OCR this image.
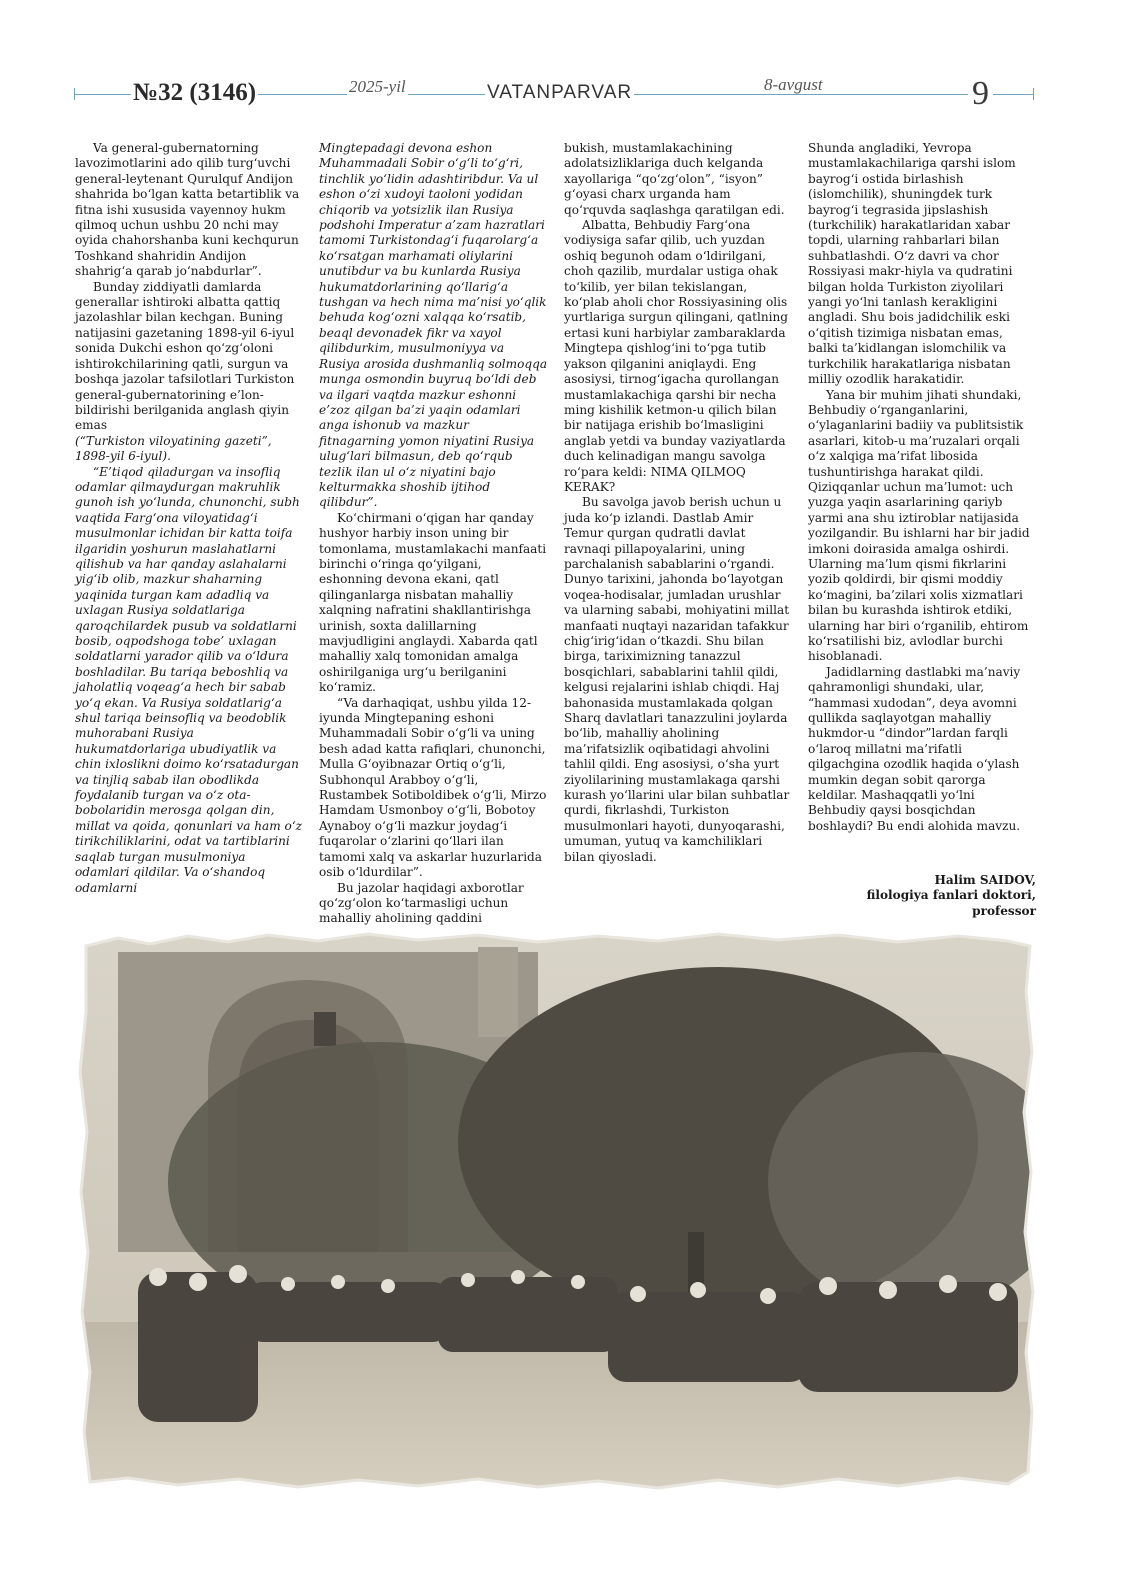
№32 (3146)	2025-yil	VATANPARVAR	8-avgust	9

Va general-gubernatorning lavozimotlarini ado qilib turg‘uvchi general-leytenant Qurulquf Andijon shahrida bo‘lgan katta betartiblik va fitna ishi xususida vayennoy hukm qilmoq uchun ushbu 20 nchi may oyida chahorshanba kuni kechqurun Toshkand shahridin Andijon shahrig‘a qarab jo‘nabdurlar”.

Bunday ziddiyatli damlarda generallar ishtiroki albatta qattiq jazolashlar bilan kechgan. Buning natijasini gazetaning 1898-yil 6-iyul sonida Dukchi eshon qo‘zg‘oloni ishtirokchilarining qatli, surgun va boshqa jazolar tafsilotlari Turkiston general-gubernatorining e’lon-bildirishi berilganida anglash qiyin emas

(“Turkiston viloyatining gazeti”, 1898-yil 6-iyul).

“E’tiqod qiladurgan va insofliq odamlar qilmaydurgan makruhlik gunoh ish yo‘lunda, chunonchi, subh vaqtida Farg‘ona viloyatidag‘i musulmonlar ichidan bir katta toifa ilgaridin yoshurun maslahatlarni qilishub va har qanday aslahalarni yig‘ib olib, mazkur shaharning yaqinida turgan kam adadliq va uxlagan Rusiya soldatlariga qaroqchilardek pusub va soldatlarni bosib, oqpodshoga tobe’ uxlagan soldatlarni yarador qilib va o‘ldura boshladilar. Bu tariqa beboshliq va jaholatliq voqeag‘a hech bir sabab yo‘q ekan. Va Rusiya soldatlarig‘a shul tariqa beinsofliq va beodoblik muhorabani Rusiya hukumatdorlariga ubudiyatlik va chin ixloslikni doimo ko‘rsatadurgan va tinjliq sabab ilan obodlikda foydalanib turgan va o‘z ota-bobolaridin merosga qolgan din, millat va qoida, qonunlari va ham o‘z tirikchiliklarini, odat va tartiblarini saqlab turgan musulmoniya odamlari qildilar. Va o‘shandoq odamlarni

Mingtepadagi devona eshon Muhammadali Sobir o‘g‘li to‘g‘ri, tinchlik yo‘lidin adashtiribdur. Va ul eshon o‘zi xudoyi taoloni yodidan chiqorib va yotsizlik ilan Rusiya podshohi Imperatur a’zam hazratlari tamomi Turkistondag‘i fuqarolarg‘a ko‘rsatgan marhamati oliylarini unutibdur va bu kunlarda Rusiya hukumatdorlarining qo‘llarig‘a tushgan va hech nima ma’nisi yo‘qlik behuda kog‘ozni xalqqa ko‘rsatib, beaql devonadek fikr va xayol qilibdurkim, musulmoniyya va Rusiya arosida dushmanliq solmoqqa munga osmondin buyruq bo‘ldi deb va ilgari vaqtda mazkur eshonni e’zoz qilgan ba’zi yaqin odamlari anga ishonub va mazkur fitnagarning yomon niyatini Rusiya ulug‘lari bilmasun, deb qo‘rqub tezlik ilan ul o‘z niyatini bajo kelturmakka shoshib ijtihod qilibdur”.

Ko‘chirmani o‘qigan har qanday hushyor harbiy inson uning bir tomonlama, mustamlakachi manfaati birinchi o‘ringa qo‘yilgani, eshonning devona ekani, qatl qilinganlarga nisbatan mahalliy xalqning nafratini shakllantirishga urinish, soxta dalillarning mavjudligini anglaydi. Xabarda qatl mahalliy xalq tomonidan amalga oshirilganiga urg‘u berilganini ko‘ramiz.

“Va darhaqiqat, ushbu yilda 12-iyunda Mingtepaning eshoni Muhammadali Sobir o‘g‘li va uning besh adad katta rafiqlari, chunonchi, Mulla G‘oyibnazar Ortiq o‘g‘li, Subhonqul Arabboy o‘g‘li, Rustambek Sotiboldibek o‘g‘li, Mirzo Hamdam Usmonboy o‘g‘li, Bobotoy Aynaboy o‘g‘li mazkur joydag‘i fuqarolar o‘zlarini qo‘llari ilan tamomi xalq va askarlar huzurlarida osib o‘ldurdilar”.

Bu jazolar haqidagi axborotlar qo‘zg‘olon ko‘tarmasligi uchun mahalliy aholining qaddini

bukish, mustamlakachining adolatsizliklariga duch kelganda xayollariga “qo‘zg‘olon”, “isyon” g‘oyasi charx urganda ham qo‘rquvda saqlashga qaratilgan edi.

Albatta, Behbudiy Farg‘ona vodiysiga safar qilib, uch yuzdan oshiq begunoh odam o‘ldirilgani, choh qazilib, murdalar ustiga ohak to‘kilib, yer bilan tekislangan, ko‘plab aholi chor Rossiyasining olis yurtlariga surgun qilingani, qatlning ertasi kuni harbiylar zambaraklarda Mingtepa qishlog‘ini to‘pga tutib yakson qilganini aniqlaydi. Eng asosiysi, tirnog‘igacha qurollangan mustamlakachiga qarshi bir necha ming kishilik ketmon-u qilich bilan bir natijaga erishib bo‘lmasligini anglab yetdi va bunday vaziyatlarda duch kelinadigan mangu savolga ro‘para keldi: NIMA QILMOQ KERAK?

Bu savolga javob berish uchun u juda ko‘p izlandi. Dastlab Amir Temur qurgan qudratli davlat ravnaqi pillapoyalarini, uning parchalanish sabablarini o‘rgandi. Dunyo tarixini, jahonda bo‘layotgan voqea-hodisalar, jumladan urushlar va ularning sababi, mohiyatini millat manfaati nuqtayi nazaridan tafakkur chig‘irig‘idan o‘tkazdi. Shu bilan birga, tariximizning tanazzul bosqichlari, sabablarini tahlil qildi, kelgusi rejalarini ishlab chiqdi. Haj bahonasida mustamlakada qolgan Sharq davlatlari tanazzulini joylarda bo‘lib, mahalliy aholining ma’rifatsizlik oqibatidagi ahvolini tahlil qildi. Eng asosiysi, o‘sha yurt ziyolilarining mustamlakaga qarshi kurash yo‘llarini ular bilan suhbatlar qurdi, fikrlashdi, Turkiston musulmonlari hayoti, dunyoqarashi, umuman, yutuq va kamchiliklari bilan qiyosladi.

Shunda angladiki, Yevropa mustamlakachilariga qarshi islom bayrog‘i ostida birlashish (islomchilik), shuningdek turk bayrog‘i tegrasida jipslashish (turkchilik) harakatlaridan xabar topdi, ularning rahbarlari bilan suhbatlashdi. O‘z davri va chor Rossiyasi makr-hiyla va qudratini bilgan holda Turkiston ziyolilari yangi yo‘lni tanlash kerakligini angladi. Shu bois jadidchilik eski o‘qitish tizimiga nisbatan emas, balki ta’kidlangan islomchilik va turkchilik harakatlariga nisbatan milliy ozodlik harakatidir.

Yana bir muhim jihati shundaki, Behbudiy o‘rganganlarini, o‘ylaganlarini badiiy va publitsistik asarlari, kitob-u ma’ruzalari orqali o‘z xalqiga ma’rifat libosida tushuntirishga harakat qildi. Qiziqqanlar uchun ma’lumot: uch yuzga yaqin asarlarining qariyb yarmi ana shu iztiroblar natijasida yozilgandir. Bu ishlarni har bir jadid imkoni doirasida amalga oshirdi. Ularning ma’lum qismi fikrlarini yozib qoldirdi, bir qismi moddiy ko‘magini, ba’zilari xolis xizmatlari bilan bu kurashda ishtirok etdiki, ularning har biri o‘rganilib, ehtirom ko‘rsatilishi biz, avlodlar burchi hisoblanadi.

Jadidlarning dastlabki ma’naviy qahramonligi shundaki, ular, “hammasi xudodan”, deya avomni qullikda saqlayotgan mahalliy hukmdor-u “dindor”lardan farqli o‘laroq millatni ma’rifatli qilgachgina ozodlik haqida o‘ylash mumkin degan sobit qarorga keldilar. Mashaqqatli yo‘lni Behbudiy qaysi bosqichdan boshlaydi? Bu endi alohida mavzu.

Halim SAIDOV,
filologiya fanlari doktori,
professor
